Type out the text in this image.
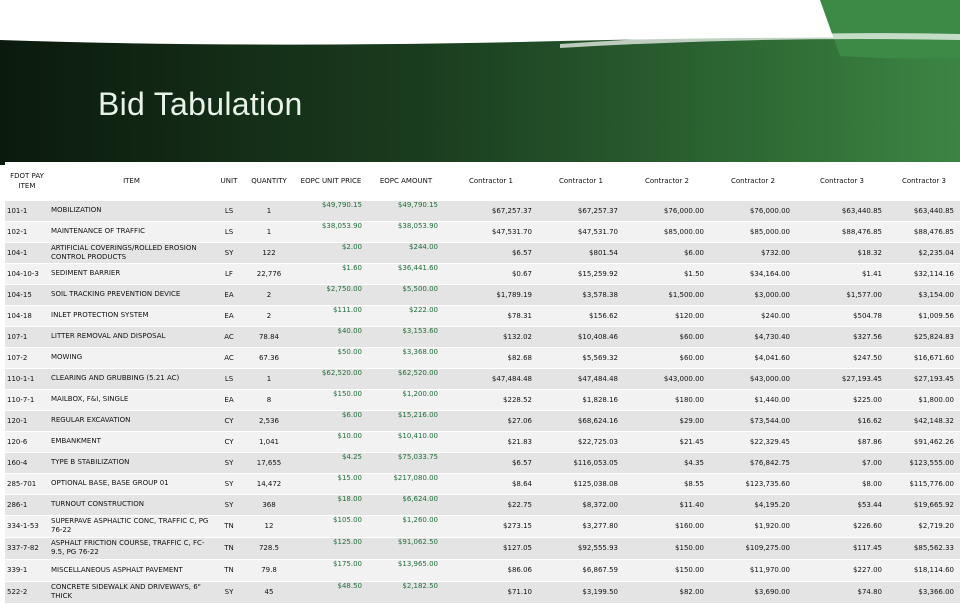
Bid Tabulation
FDOT PAY ITEM	ITEM	UNIT	QUANTITY	EOPC UNIT PRICE	EOPC AMOUNT	Contractor 1	Contractor 1	Contractor 2	Contractor 2	Contractor 3	Contractor 3
101-1	MOBILIZATION	LS	1	$49,790.15	$49,790.15	$67,257.37	$67,257.37	$76,000.00	$76,000.00	$63,440.85	$63,440.85
102-1	MAINTENANCE OF TRAFFIC	LS	1	$38,053.90	$38,053.90	$47,531.70	$47,531.70	$85,000.00	$85,000.00	$88,476.85	$88,476.85
104-1	ARTIFICIAL COVERINGS/ROLLED EROSION CONTROL PRODUCTS	SY	122	$2.00	$244.00	$6.57	$801.54	$6.00	$732.00	$18.32	$2,235.04
104-10-3	SEDIMENT BARRIER	LF	22,776	$1.60	$36,441.60	$0.67	$15,259.92	$1.50	$34,164.00	$1.41	$32,114.16
104-15	SOIL TRACKING PREVENTION DEVICE	EA	2	$2,750.00	$5,500.00	$1,789.19	$3,578.38	$1,500.00	$3,000.00	$1,577.00	$3,154.00
104-18	INLET PROTECTION SYSTEM	EA	2	$111.00	$222.00	$78.31	$156.62	$120.00	$240.00	$504.78	$1,009.56
107-1	LITTER REMOVAL AND DISPOSAL	AC	78.84	$40.00	$3,153.60	$132.02	$10,408.46	$60.00	$4,730.40	$327.56	$25,824.83
107-2	MOWING	AC	67.36	$50.00	$3,368.00	$82.68	$5,569.32	$60.00	$4,041.60	$247.50	$16,671.60
110-1-1	CLEARING AND GRUBBING (5.21 AC)	LS	1	$62,520.00	$62,520.00	$47,484.48	$47,484.48	$43,000.00	$43,000.00	$27,193.45	$27,193.45
110-7-1	MAILBOX, F&I, SINGLE	EA	8	$150.00	$1,200.00	$228.52	$1,828.16	$180.00	$1,440.00	$225.00	$1,800.00
120-1	REGULAR EXCAVATION	CY	2,536	$6.00	$15,216.00	$27.06	$68,624.16	$29.00	$73,544.00	$16.62	$42,148.32
120-6	EMBANKMENT	CY	1,041	$10.00	$10,410.00	$21.83	$22,725.03	$21.45	$22,329.45	$87.86	$91,462.26
160-4	TYPE B STABILIZATION	SY	17,655	$4.25	$75,033.75	$6.57	$116,053.05	$4.35	$76,842.75	$7.00	$123,555.00
285-701	OPTIONAL BASE, BASE GROUP 01	SY	14,472	$15.00	$217,080.00	$8.64	$125,038.08	$8.55	$123,735.60	$8.00	$115,776.00
286-1	TURNOUT CONSTRUCTION	SY	368	$18.00	$6,624.00	$22.75	$8,372.00	$11.40	$4,195.20	$53.44	$19,665.92
334-1-53	SUPERPAVE ASPHALTIC CONC, TRAFFIC C, PG 76-22	TN	12	$105.00	$1,260.00	$273.15	$3,277.80	$160.00	$1,920.00	$226.60	$2,719.20
337-7-82	ASPHALT FRICTION COURSE, TRAFFIC C, FC-9.5, PG 76-22	TN	728.5	$125.00	$91,062.50	$127.05	$92,555.93	$150.00	$109,275.00	$117.45	$85,562.33
339-1	MISCELLANEOUS ASPHALT PAVEMENT	TN	79.8	$175.00	$13,965.00	$86.06	$6,867.59	$150.00	$11,970.00	$227.00	$18,114.60
522-2	CONCRETE SIDEWALK AND DRIVEWAYS, 6" THICK	SY	45	$48.50	$2,182.50	$71.10	$3,199.50	$82.00	$3,690.00	$74.80	$3,366.00
